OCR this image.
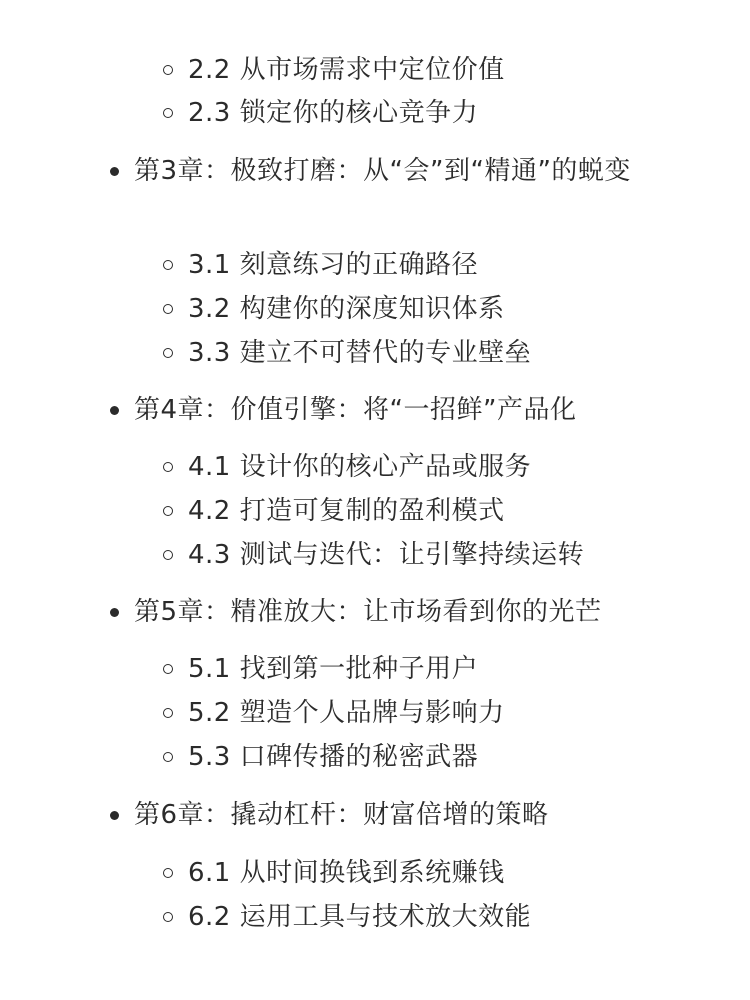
2.2 从市场需求中定位价值
2.3 锁定你的核心竞争力
第3章：极致打磨：从“会”到“精通”的蜕变
3.1 刻意练习的正确路径
3.2 构建你的深度知识体系
3.3 建立不可替代的专业壁垒
第4章：价值引擎：将“一招鲜”产品化
4.1 设计你的核心产品或服务
4.2 打造可复制的盈利模式
4.3 测试与迭代：让引擎持续运转
第5章：精准放大：让市场看到你的光芒
5.1 找到第一批种子用户
5.2 塑造个人品牌与影响力
5.3 口碑传播的秘密武器
第6章：撬动杠杆：财富倍增的策略
6.1 从时间换钱到系统赚钱
6.2 运用工具与技术放大效能
